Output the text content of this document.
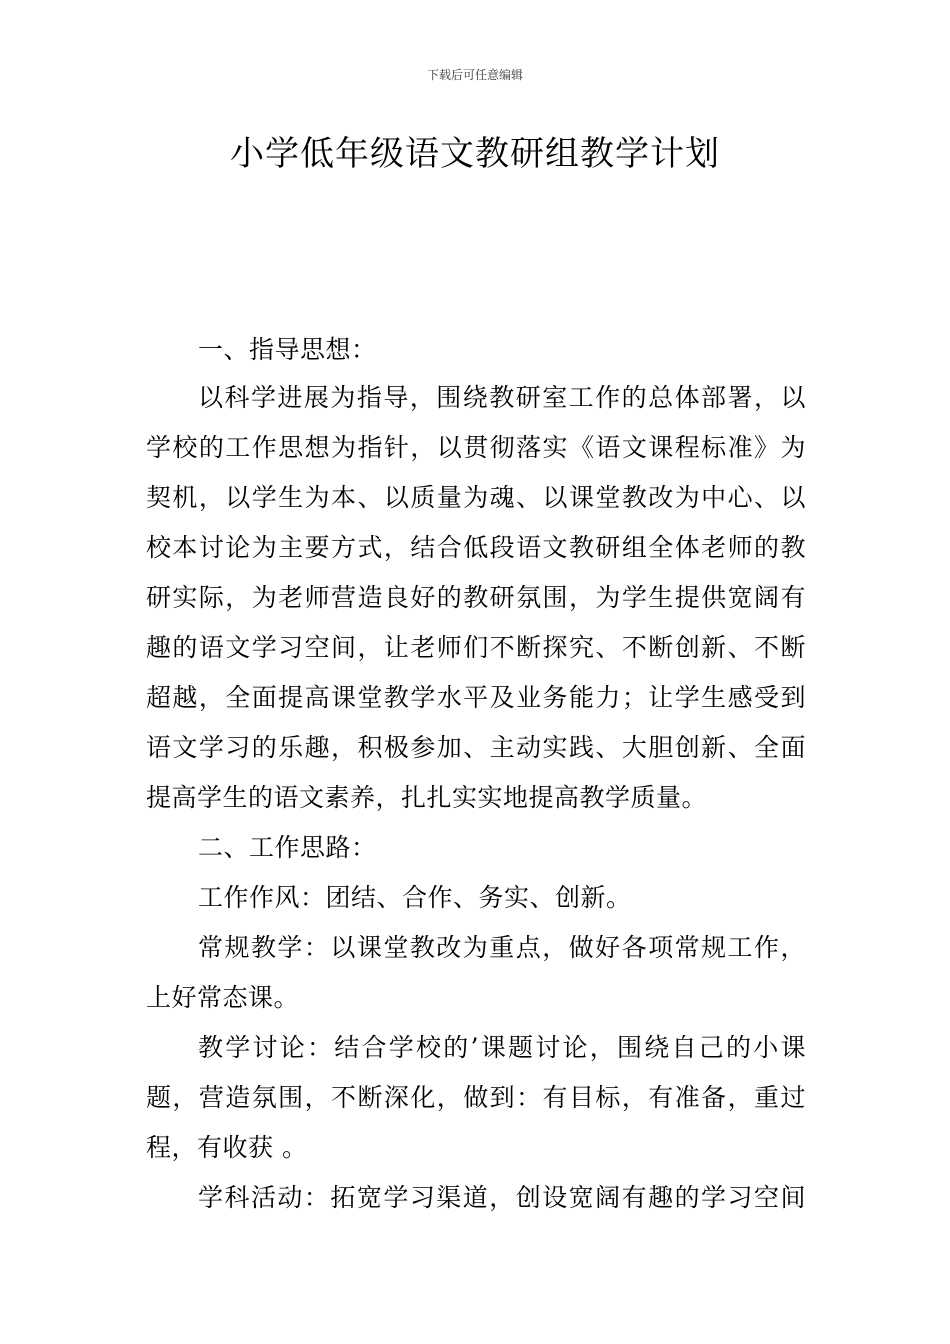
下载后可任意编辑
小学低年级语文教研组教学计划
一、指导思想：
以科学进展为指导，围绕教研室工作的总体部署，以
学校的工作思想为指针，以贯彻落实《语文课程标准》为
契机，以学生为本、以质量为魂、以课堂教改为中心、以
校本讨论为主要方式，结合低段语文教研组全体老师的教
研实际，为老师营造良好的教研氛围，为学生提供宽阔有
趣的语文学习空间，让老师们不断探究、不断创新、不断
超越，全面提高课堂教学水平及业务能力；让学生感受到
语文学习的乐趣，积极参加、主动实践、大胆创新、全面
提高学生的语文素养，扎扎实实地提高教学质量。
二、工作思路：
工作作风：团结、合作、务实、创新。
常规教学：以课堂教改为重点，做好各项常规工作，
上好常态课。
教学讨论：结合学校的’课题讨论，围绕自己的小课
题，营造氛围，不断深化，做到：有目标，有准备，重过
程，有收获 。
学科活动：拓宽学习渠道，创设宽阔有趣的学习空间
